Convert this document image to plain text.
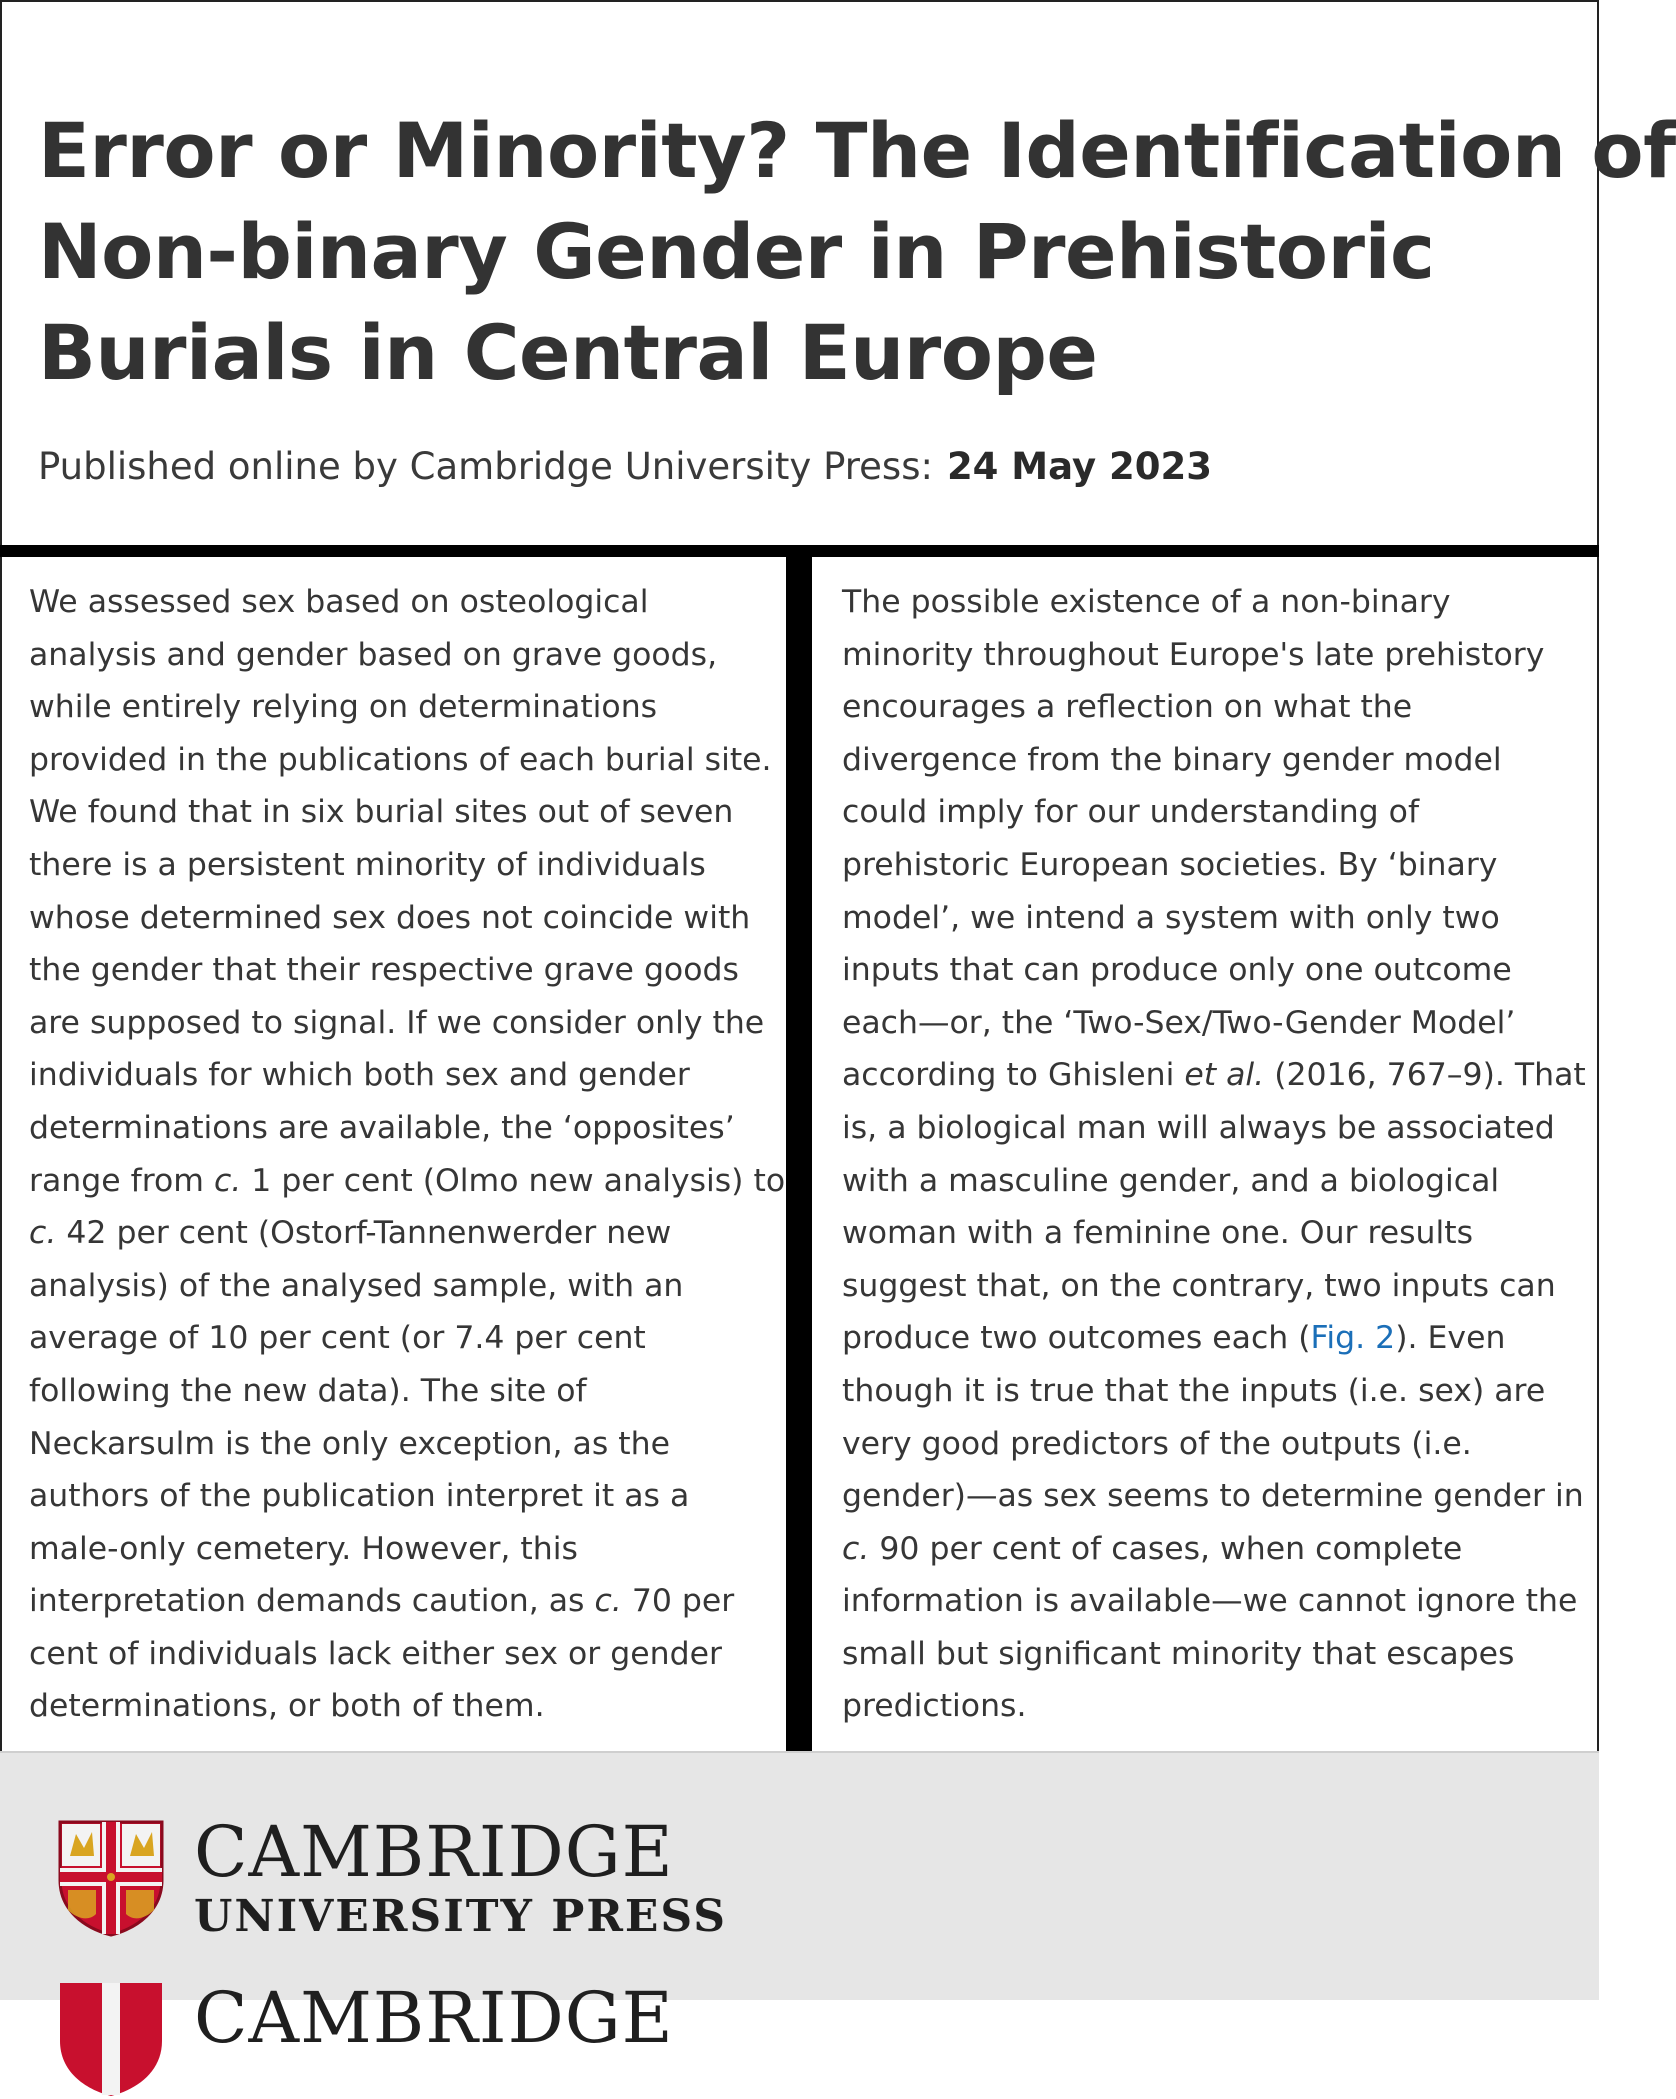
Error or Minority? The Identification of
Non-binary Gender in Prehistoric
Burials in Central Europe
Published online by Cambridge University Press: 24 May 2023
We assessed sex based on osteological
analysis and gender based on grave goods,
while entirely relying on determinations
provided in the publications of each burial site.
We found that in six burial sites out of seven
there is a persistent minority of individuals
whose determined sex does not coincide with
the gender that their respective grave goods
are supposed to signal. If we consider only the
individuals for which both sex and gender
determinations are available, the ‘opposites’
range from c. 1 per cent (Olmo new analysis) to
c. 42 per cent (Ostorf-Tannenwerder new
analysis) of the analysed sample, with an
average of 10 per cent (or 7.4 per cent
following the new data). The site of
Neckarsulm is the only exception, as the
authors of the publication interpret it as a
male-only cemetery. However, this
interpretation demands caution, as c. 70 per
cent of individuals lack either sex or gender
determinations, or both of them.
The possible existence of a non-binary
minority throughout Europe's late prehistory
encourages a reflection on what the
divergence from the binary gender model
could imply for our understanding of
prehistoric European societies. By ‘binary
model’, we intend a system with only two
inputs that can produce only one outcome
each—or, the ‘Two-Sex/Two-Gender Model’
according to Ghisleni et al. (2016, 767–9). That
is, a biological man will always be associated
with a masculine gender, and a biological
woman with a feminine one. Our results
suggest that, on the contrary, two inputs can
produce two outcomes each (Fig. 2). Even
though it is true that the inputs (i.e. sex) are
very good predictors of the outputs (i.e.
gender)—as sex seems to determine gender in
c. 90 per cent of cases, when complete
information is available—we cannot ignore the
small but significant minority that escapes
predictions.
CAMBRIDGE
UNIVERSITY PRESS
CAMBRIDGE
